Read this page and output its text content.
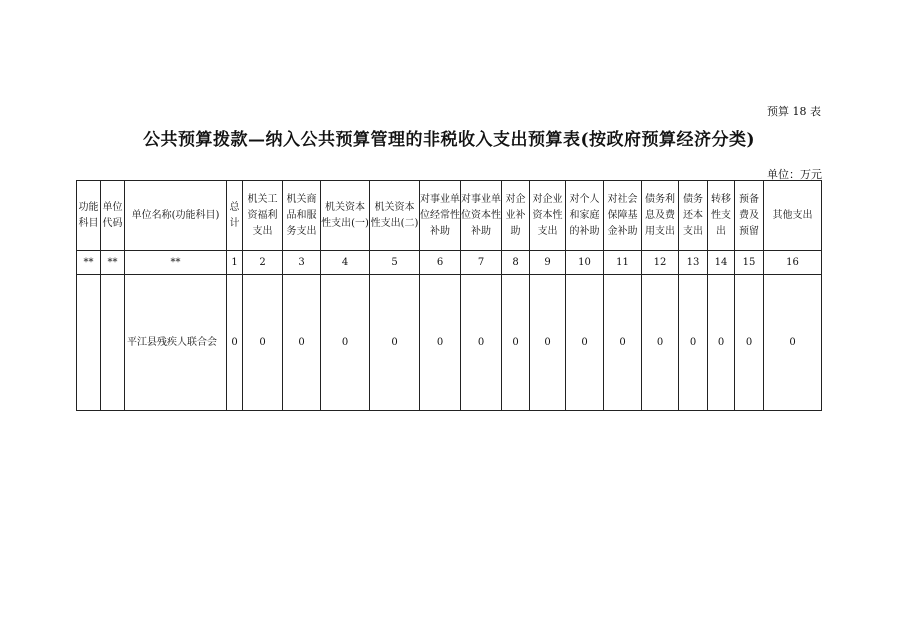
预算 18 表
公共预算拨款—纳入公共预算管理的非税收入支出预算表(按政府预算经济分类)
单位：万元
功能科目	单位代码	单位名称(功能科目)	总计	机关工资福利支出	机关商品和服务支出	机关资本性支出(一)	机关资本性支出(二)	对事业单位经常性补助	对事业单位资本性补助	对企业补助	对企业资本性支出	对个人和家庭的补助	对社会保障基金补助	债务利息及费用支出	债务还本支出	转移性支出	预备费及预留	其他支出
**	**	**	1	2	3	4	5	6	7	8	9	10	11	12	13	14	15	16
		平江县残疾人联合会	0	0	0	0	0	0	0	0	0	0	0	0	0	0	0	0
